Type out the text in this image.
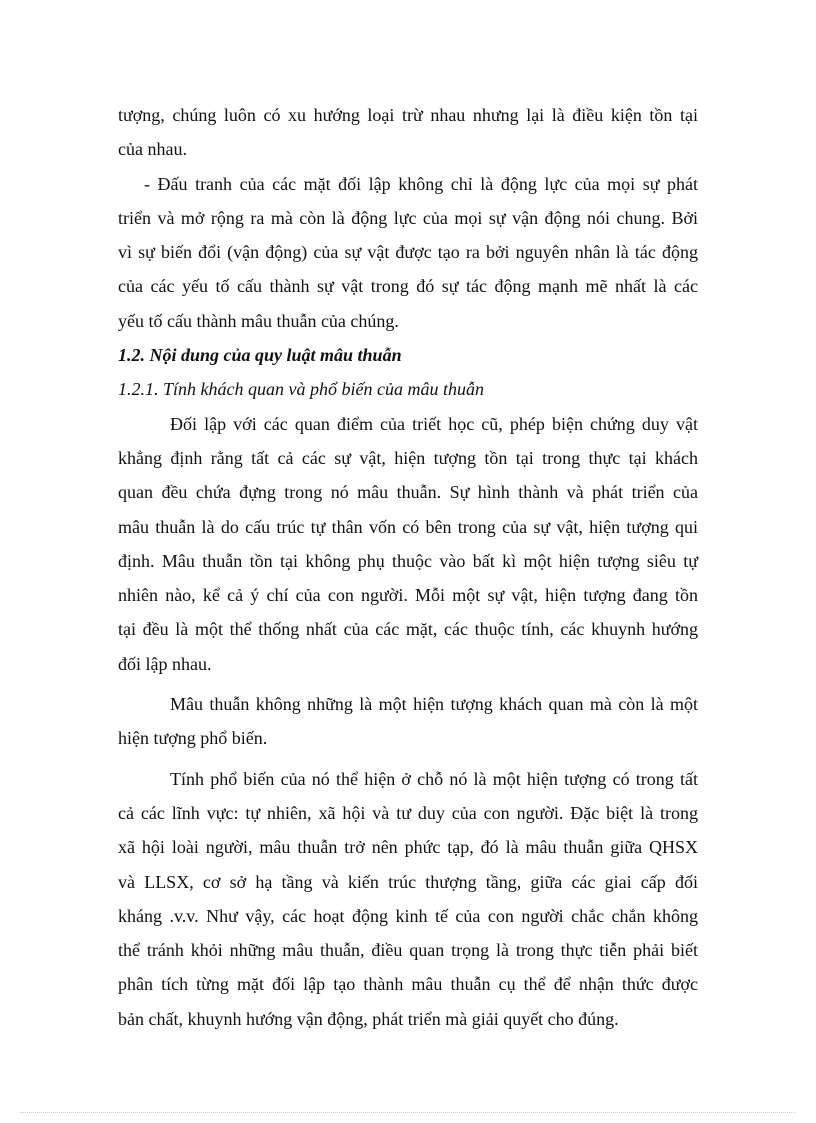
tượng, chúng luôn có xu hướng loại trừ nhau nhưng lại là điều kiện tồn tại
của nhau.

- Đấu tranh của các mặt đối lập không chỉ là động lực của mọi sự phát
triển và mở rộng ra mà còn là động lực của mọi sự vận động nói chung. Bởi
vì sự biến đổi (vận động) của sự vật được tạo ra bởi nguyên nhân là tác động
của các yếu tố cấu thành sự vật trong đó sự tác động mạnh mẽ nhất là các
yếu tố cấu thành mâu thuẫn của chúng.

1.2. Nội dung của quy luật mâu thuẫn
1.2.1. Tính khách quan và phổ biến của mâu thuẫn

Đối lập với các quan điểm của triết học cũ, phép biện chứng duy vật
khẳng định rằng tất cả các sự vật, hiện tượng tồn tại trong thực tại khách
quan đều chứa đựng trong nó mâu thuẫn. Sự hình thành và phát triển của
mâu thuẫn là do cấu trúc tự thân vốn có bên trong của sự vật, hiện tượng qui
định. Mâu thuẫn tồn tại không phụ thuộc vào bất kì một hiện tượng siêu tự
nhiên nào, kể cả ý chí của con người. Mỗi một sự vật, hiện tượng đang tồn
tại đều là một thể thống nhất của các mặt, các thuộc tính, các khuynh hướng
đối lập nhau.

Mâu thuẫn không những là một hiện tượng khách quan mà còn là một
hiện tượng phổ biến.

Tính phổ biến của nó thể hiện ở chỗ nó là một hiện tượng có trong tất
cả các lĩnh vực: tự nhiên, xã hội và tư duy của con người. Đặc biệt là trong
xã hội loài người, mâu thuẫn trở nên phức tạp, đó là mâu thuẫn giữa QHSX
và LLSX, cơ sở hạ tầng và kiến trúc thượng tầng, giữa các giai cấp đối
kháng .v.v. Như vậy, các hoạt động kinh tế của con người chắc chắn không
thể tránh khỏi những mâu thuẫn, điều quan trọng là trong thực tiễn phải biết
phân tích từng mặt đối lập tạo thành mâu thuẫn cụ thể để nhận thức được
bản chất, khuynh hướng vận động, phát triển mà giải quyết cho đúng.
